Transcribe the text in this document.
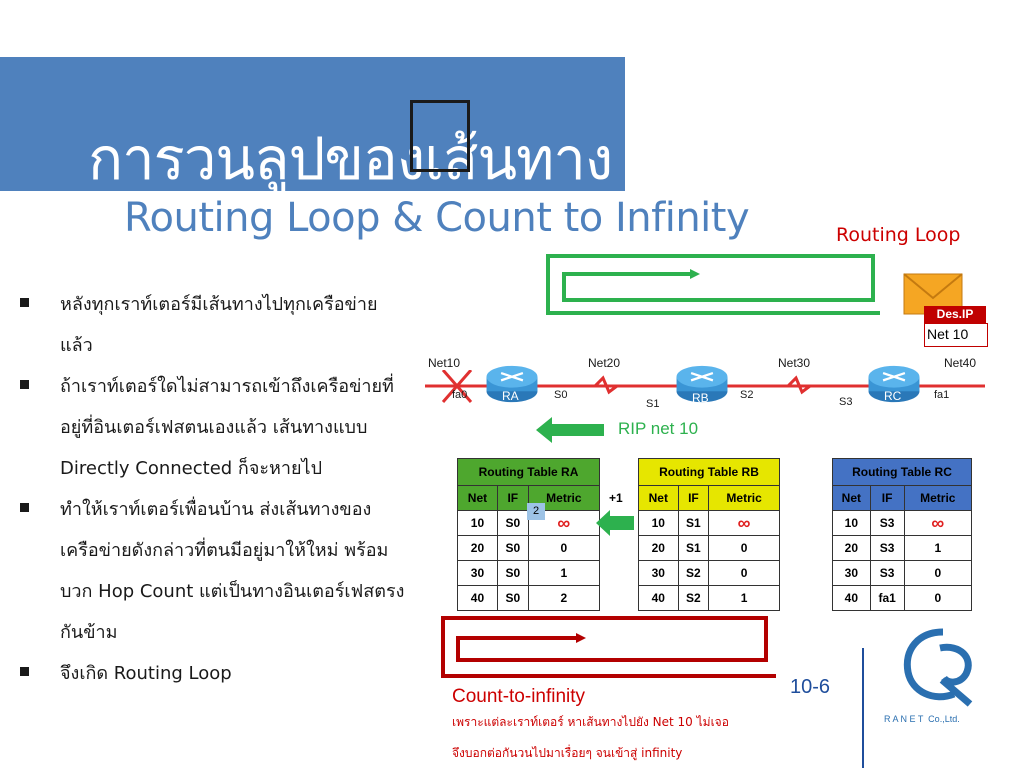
การวนลูปของเส้นทาง
Routing Loop & Count to Infinity
หลังทุกเราท์เตอร์มีเส้นทางไปทุกเครือข่ายแล้ว
ถ้าเราท์เตอร์ใดไม่สามารถเข้าถึงเครือข่ายที่อยู่ที่อินเตอร์เฟสตนเองแล้ว เส้นทางแบบ Directly Connected ก็จะหายไป
ทำให้เราท์เตอร์เพื่อนบ้าน ส่งเส้นทางของเครือข่ายดังกล่าวที่ตนมีอยู่มาให้ใหม่ พร้อมบวก Hop Count แต่เป็นทางอินเตอร์เฟสตรงกันข้าม
จึงเกิด Routing Loop
Routing Loop
Des.IP
Net 10
RA	RB	RC
Net10	Net20	Net30	Net40
fa0	S0
S1
S2
S3
fa1
RIP net 10
Routing Table RA		
Net	IF	Metric
10	S0	∞
20	S0	0
30	S0	1
40	S0	2
2
+1
Routing Table RB		
Net	IF	Metric
10	S1	∞
20	S1	0
30	S2	0
40	S2	1
Routing Table RC		
Net	IF	Metric
10	S3	∞
20	S3	1
30	S3	0
40	fa1	0
Count-to-infinity
เพราะแต่ละเราท์เตอร์ หาเส้นทางไปยัง Net 10 ไม่เจอ
จึงบอกต่อกันวนไปมาเรื่อยๆ จนเข้าสู่ infinity
10-6
R A N E T  Co.,Ltd.
